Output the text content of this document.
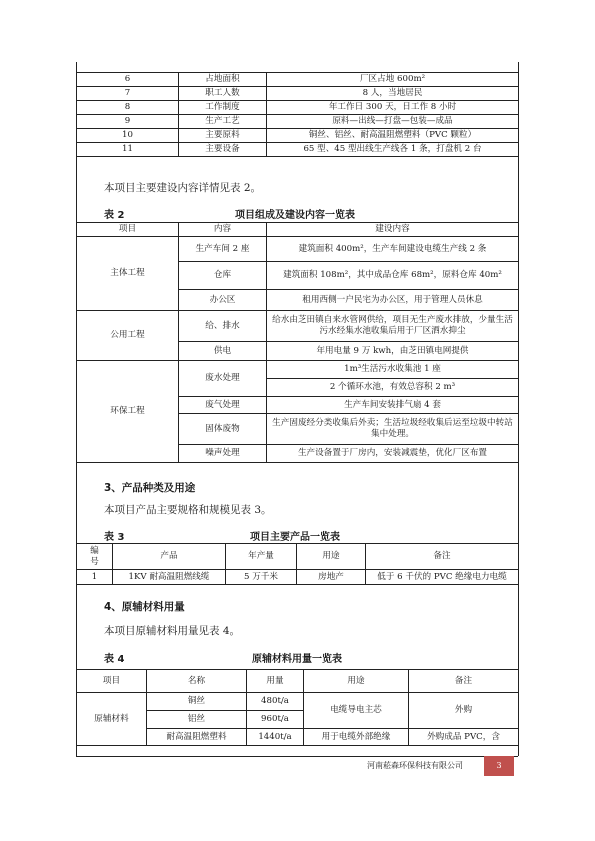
6	占地面积	厂区占地 600m²
7	职工人数	8 人，当地居民
8	工作制度	年工作日 300 天，日工作 8 小时
9	生产工艺	原料—出线—打盘—包装—成品
10	主要原料	铜丝、铝丝、耐高温阻燃塑料（PVC 颗粒）
11	主要设备	65 型、45 型出线生产线各 1 条，打盘机 2 台
本项目主要建设内容详情见表 2。
表 2	项目组成及建设内容一览表
项目	内容	建设内容
主体工程	生产车间 2 座	建筑面积 400m²，生产车间建设电缆生产线 2 条
	仓库	建筑面积 108m²，其中成品仓库 68m²，原料仓库 40m²
	办公区	租用西侧一户民宅为办公区，用于管理人员休息
公用工程	给、排水	给水由芝田镇自来水管网供给，项目无生产废水排放，少量生活污水经集水池收集后用于厂区洒水抑尘
	供电	年用电量 9 万 kwh，由芝田镇电网提供
环保工程	废水处理	1m³生活污水收集池 1 座
		2 个循环水池，有效总容积 2 m³
	废气处理	生产车间安装排气扇 4 套
	固体废物	生产固废经分类收集后外卖；生活垃圾经收集后运至垃圾中转站集中处理。
	噪声处理	生产设备置于厂房内，安装减震垫，优化厂区布置
3、产品种类及用途
本项目产品主要规格和规模见表 3。
表 3	项目主要产品一览表
编号	产品	年产量	用途	备注
1	1KV 耐高温阻燃线缆	5 万千米	房地产	低于 6 千伏的 PVC 绝缘电力电缆
4、原辅材料用量
本项目原辅材料用量见表 4。
表 4	原辅材料用量一览表
项目	名称	用量	用途	备注
原辅材料	铜丝	480t/a	电缆导电主芯	外购
	铝丝	960t/a		
	耐高温阻燃塑料	1440t/a	用于电缆外部绝缘	外购成品 PVC，含
河南菘森环保科技有限公司	3
